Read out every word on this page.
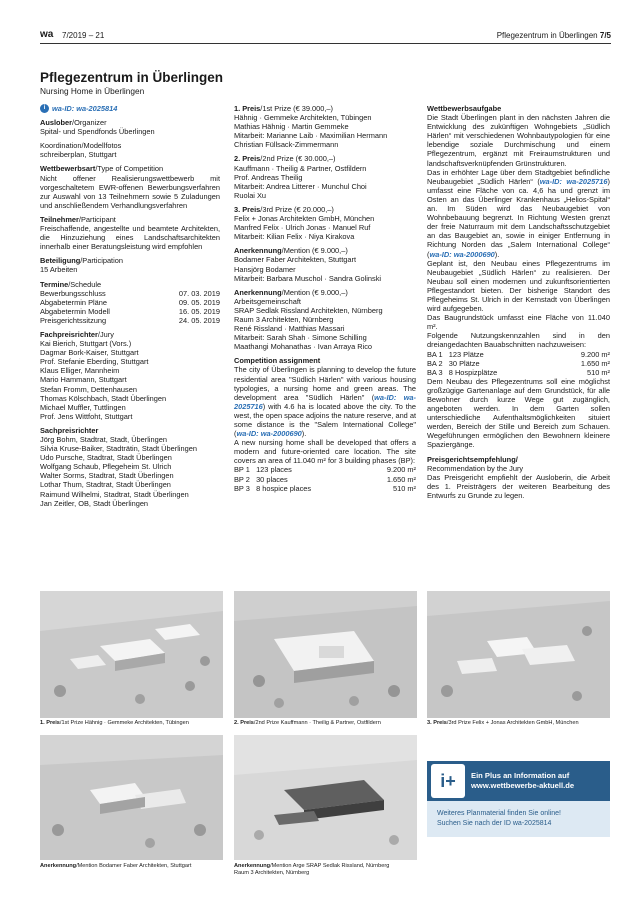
wa 7/2019 – 21	Pflegezentrum in Überlingen 7/5
Pflegezentrum in Überlingen
Nursing Home in Überlingen
i wa-ID: wa-2025814

Auslober/Organizer

Spital- und Spendfonds Überlingen

Koordination/Modellfotos

schreiberplan, Stuttgart

Wettbewerbsart/Type of Competition

Nicht offener Realisierungswettbewerb mit vorgeschaltetem EWR-offenen Bewerbungsverfahren zur Auswahl von 13 Teilnehmern sowie 5 Zuladungen und anschließendem Verhandlungsverfahren

Teilnehmer/Participant

Freischaffende, angestellte und beamtete Architekten, die Hinzuziehung eines Landschaftsarchitekten innerhalb einer Beratungsleistung wird empfohlen

Beteiligung/Participation

15 Arbeiten

Termine/Schedule

Bewerbungsschluss	07. 03. 2019
Abgabetermin Pläne	09. 05. 2019
Abgabetermin Modell	16. 05. 2019
Preisgerichtssitzung	24. 05. 2019

Fachpreisrichter/Jury

Kai Bierich, Stuttgart (Vors.)

Dagmar Bork-Kaiser, Stuttgart

Prof. Stefanie Eberding, Stuttgart

Klaus Elliger, Mannheim

Mario Hammann, Stuttgart

Stefan Fromm, Dettenhausen

Thomas Kölschbach, Stadt Überlingen

Michael Muffler, Tuttlingen

Prof. Jens Wittfoht, Stuttgart

Sachpreisrichter

Jörg Bohm, Stadtrat, Stadt, Überlingen

Silvia Kruse-Baiker, Stadträtin, Stadt Überlingen

Udo Pursche, Stadtrat, Stadt Überlingen

Wolfgang Schaub, Pflegeheim St. Ulrich

Walter Sorms, Stadtrat, Stadt Überlingen

Lothar Thum, Stadtrat, Stadt Überlingen

Raimund Wilhelmi, Stadtrat, Stadt Überlingen

Jan Zeitler, OB, Stadt Überlingen

1. Preis/1st Prize (€ 39.000,–)

Hähnig · Gemmeke Architekten, Tübingen

Mathias Hähnig · Martin Gemmeke

Mitarbeit: Marianne Laib · Maximilian Hermann

Christian Füllsack-Zimmermann

2. Preis/2nd Prize (€ 30.000,–)

Kauffmann · Theilig & Partner, Ostfildern

Prof. Andreas Theilig

Mitarbeit: Andrea Litterer · Munchul Choi

Ruolai Xu

3. Preis/3rd Prize (€ 20.000,–)

Felix + Jonas Architekten GmbH, München

Manfred Felix · Ulrich Jonas · Manuel Ruf

Mitarbeit: Kilian Felix · Niya Kirakova

Anerkennung/Mention (€ 9.000,–)

Bodamer Faber Architekten, Stuttgart

Hansjörg Bodamer

Mitarbeit: Barbara Muschol · Sandra Golinski

Anerkennung/Mention (€ 9.000,–)

Arbeitsgemeinschaft

SRAP Sedlak Rissland Architekten, Nürnberg

Raum 3 Architekten, Nürnberg

René Rissland · Matthias Massari

Mitarbeit: Sarah Shah · Simone Schilling

Maathangi Mohanathas · Ivan Arraya Rico

Competition assignment

The city of Überlingen is planning to develop the future residential area "Südlich Härlen" with various housing typologies, a nursing home and green areas. The development area "Südlich Härlen" (wa-ID: wa-2025716) with 4.6 ha is located above the city. To the west, the open space adjoins the nature reserve, and at some distance is the "Salem International College" (wa-ID: wa-2000690).

A new nursing home shall be developed that offers a modern and future-oriented care location. The site covers an area of 11.040 m² for 3 building phases (BP):

BP 1 123 places	9.200 m²
BP 2 30 places	1.650 m²
BP 3 8 hospice places	510 m²

Wettbewerbsaufgabe

Die Stadt Überlingen plant in den nächsten Jahren die Entwicklung des zukünftigen Wohngebiets „Südlich Härlen“ mit verschiedenen Wohnbautypologien für eine lebendige soziale Durchmischung und einem Pflegezentrum, ergänzt mit Freiraumstrukturen und landschaftsverknüpfenden Grünstrukturen.

Das in erhöhter Lage über dem Stadtgebiet befindliche Neubaugebiet „Südlich Härlen“ (wa-ID: wa-2025716) umfasst eine Fläche von ca. 4,6 ha und grenzt im Osten an das Überlinger Krankenhaus „Helios-Spital“ an. Im Süden wird das Neubaugebiet von Wohnbebauung begrenzt. In Richtung Westen grenzt der freie Naturraum mit dem Landschaftsschutzgebiet an das Baugebiet an, sowie in einiger Entfernung in Richtung Norden das „Salem International College“ (wa-ID: wa-2000690).

Geplant ist, den Neubau eines Pflegezentrums im Neubaugebiet „Südlich Härlen“ zu realisieren. Der Neubau soll einen modernen und zukunftsorientierten Pflegestandort bieten. Der bisherige Standort des Pflegeheims St. Ulrich in der Kernstadt von Überlingen wird aufgegeben.

Das Baugrundstück umfasst eine Fläche von 11.040 m².

Folgende Nutzungskennzahlen sind in den dreiangedachten Bauabschnitten nachzuweisen:

BA 1 123 Plätze	9.200 m²
BA 2 30 Plätze	1.650 m²
BA 3 8 Hospizplätze	510 m²

Dem Neubau des Pflegezentrums soll eine möglichst großzügige Gartenanlage auf dem Grundstück, für alle Bewohner durch kurze Wege gut zugänglich, angeboten werden. In dem Garten sollen unterschiedliche Aufenthaltsmöglichkeiten situiert werden, Bereich der Stille und Bereich zum Schauen. Wegeführungen ermöglichen den Bewohnern kleinere Spaziergänge.

Preisgerichtsempfehlung/

Recommendation by the Jury

Das Preisgericht empfiehlt der Ausloberin, die Arbeit des 1. Preisträgers der weiteren Bearbeitung des Entwurfs zu Grunde zu legen.

1. Preis/1st Prize Hähnig · Gemmeke Architekten, Tübingen	2. Preis/2nd Prize Kauffmann · Theilig & Partner, Ostfildern	3. Preis/3rd Prize Felix + Jonas Architekten GmbH, München
Anerkennung/Mention Bodamer Faber Architekten, Stuttgart	Anerkennung/Mention Arge SRAP Sedlak Rissland, Nürnberg
Raum 3 Architekten, Nürnberg
i+	Ein Plus an Information auf
www.wettbewerbe-aktuell.de
Weiteres Planmaterial finden Sie online!
Suchen Sie nach der ID wa-2025814
